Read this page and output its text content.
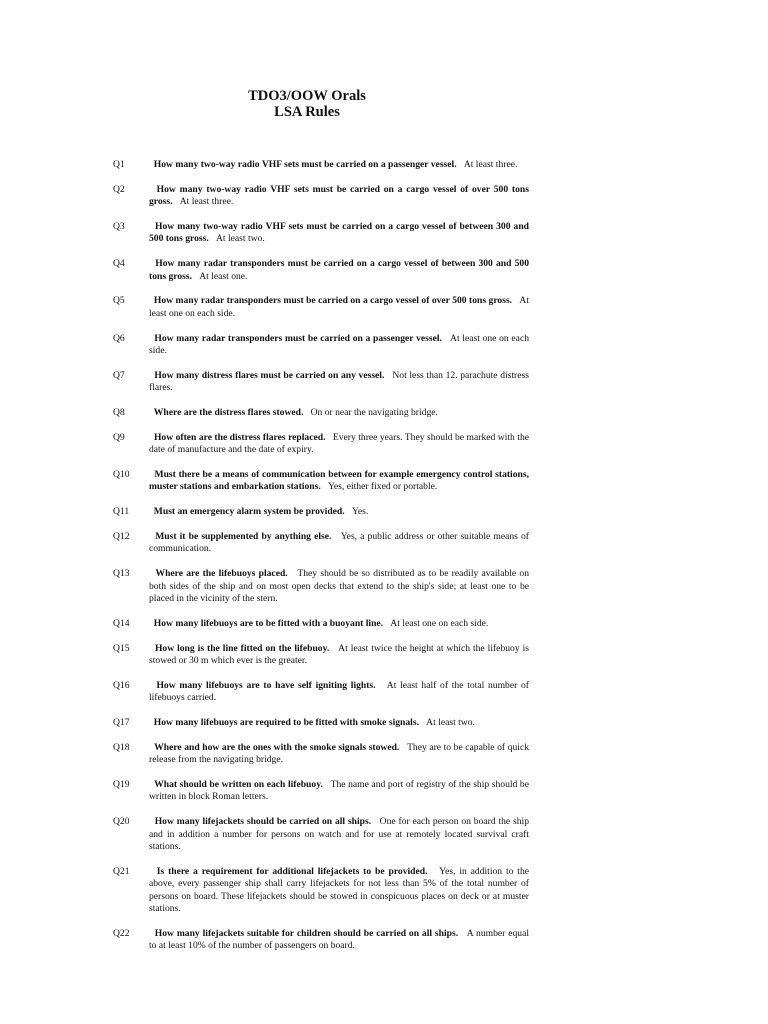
TDO3/OOW Orals
LSA Rules
Q1	How many two-way radio VHF sets must be carried on a passenger vessel. At least three.
Q2	How many two-way radio VHF sets must be carried on a cargo vessel of over 500 tons gross. At least three.
Q3	How many two-way radio VHF sets must be carried on a cargo vessel of between 300 and 500 tons gross. At least two.
Q4	How many radar transponders must be carried on a cargo vessel of between 300 and 500 tons gross. At least one.
Q5	How many radar transponders must be carried on a cargo vessel of over 500 tons gross. At least one on each side.
Q6	How many radar transponders must be carried on a passenger vessel. At least one on each side.
Q7	How many distress flares must be carried on any vessel. Not less than 12. parachute distress flares.
Q8	Where are the distress flares stowed. On or near the navigating bridge.
Q9	How often are the distress flares replaced. Every three years. They should be marked with the date of manufacture and the date of expiry.
Q10	Must there be a means of communication between for example emergency control stations, muster stations and embarkation stations. Yes, either fixed or portable.
Q11	Must an emergency alarm system be provided. Yes.
Q12	Must it be supplemented by anything else. Yes, a public address or other suitable means of communication.
Q13	Where are the lifebuoys placed. They should be so distributed as to be readily available on both sides of the ship and on most open decks that extend to the ship's side; at least one to be placed in the vicinity of the stern.
Q14	How many lifebuoys are to be fitted with a buoyant line. At least one on each side.
Q15	How long is the line fitted on the lifebuoy. At least twice the height at which the lifebuoy is stowed or 30 m which ever is the greater.
Q16	How many lifebuoys are to have self igniting lights. At least half of the total number of lifebuoys carried.
Q17	How many lifebuoys are required to be fitted with smoke signals. At least two.
Q18	Where and how are the ones with the smoke signals stowed. They are to be capable of quick release from the navigating bridge.
Q19	What should be written on each lifebuoy. The name and port of registry of the ship should be written in block Roman letters.
Q20	How many lifejackets should be carried on all ships. One for each person on board the ship and in addition a number for persons on watch and for use at remotely located survival craft stations.
Q21	Is there a requirement for additional lifejackets to be provided. Yes, in addition to the above, every passenger ship shall carry lifejackets for not less than 5% of the total number of persons on board. These lifejackets should be stowed in conspicuous places on deck or at muster stations.
Q22	How many lifejackets suitable for children should be carried on all ships. A number equal to at least 10% of the number of passengers on board.
